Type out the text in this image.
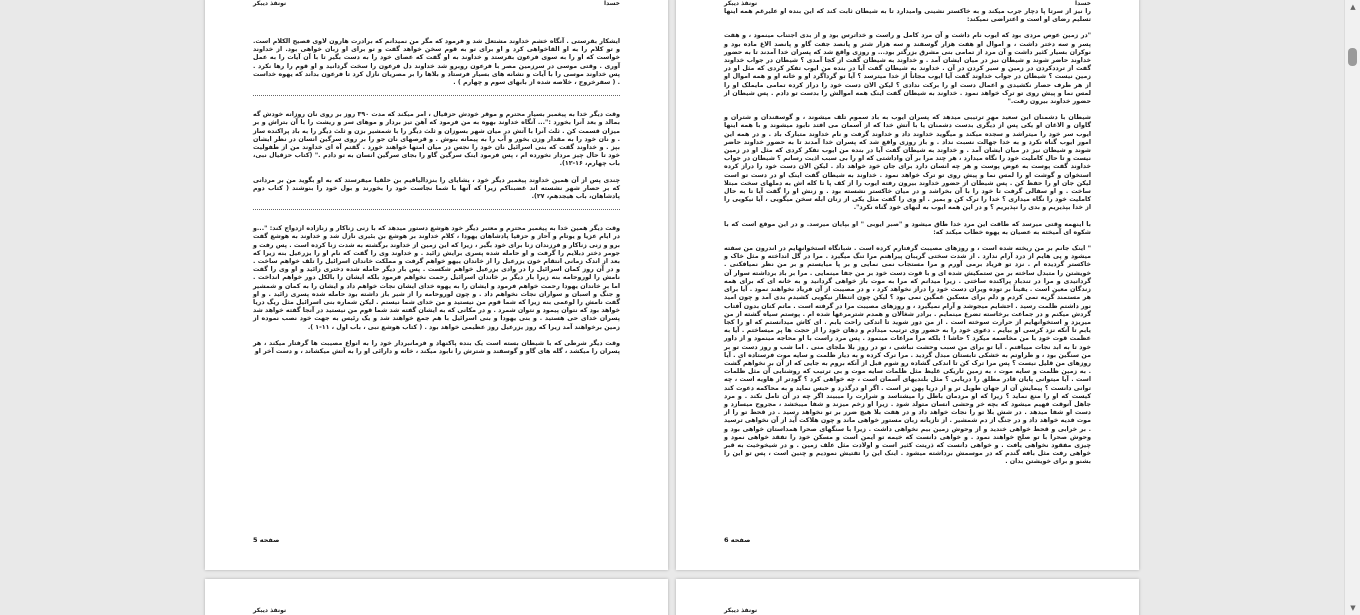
خسدا
نونفذ دیبکر

ایشکار بقرستی . آنگاه خشم خداوند مشتعل شد و فرمود که مگر من نمیدانم که برادرت هارون لاوی فصیح الکلام است. و تو کلام را به او القاخواهی کرد و او برای تو به قوم سخن خواهد گفت و تو برای او زبان خواهی بود. از خداوند خواست که او را به سوی فرعون بفرستد و خداوند به او گفت که عصای خود را به دست بگیر تا با آن آیات را به عمل آوری . وقتی موسی در سرزمین مصر با فرعون روبرو شد خداوند دل فرعون را سخت گردانید و او قوم را رها نکرد . پس خداوند موسی را با آیات و نشانه های بسیار فرستاد و بلاها را بر مصریان نازل کرد تا فرعون بداند که یهوه خداست . ( سفرخروج ، خلاصه شده از بابهای سوم و چهارم ) .

وقت دیگر خدا به پیغمبر بسیار محترم و موقر خودش حزقیال ، امر میکند که مدت ۳۹۰ روز بر روی نان روزانه خودش گه بمالد و بعد آنرا بخورد :"... آنگاه خداوند بهوه به من فرمود که آهن تیز بردار و موهای سر و ریشت را با آن بتراش و بر میزان قسمت کن . ثلث آنرا با آتش در میان شهر بسوزان و ثلث دیگر را با شمشیر بزن و ثلث دیگر را به باد پراکنده ساز . و نان خود را به مقدار وزن بخور و آب را به پیمانه بنوش . و قرصهای نان جو را بر روی سرگین انسان در نظر ایشان بپز . و خداوند گفت که بنی اسرائیل نان خود را نجس در میان امتها خواهند خورد . گفتم آه ای خداوند من از طفولیت خود تا حال چیز مردار نخورده ام ، پس فرمود اینک سرگین گاو را بجای سرگین انسان به تو دادم ." (کتاب حزقیال نبی، باب چهارم، ۱۶-۱۲).

چندی پس از آن همین خداوند پیغمبر دیگر خود ، یشایای را بنزدالیاقیم بن حلقیا میفرستد که به او بگوید من بر مردانی که بر حصار شهر نشسته اند غضبناکم زیرا که آنها با شما نجاست خود را بخورند و بول خود را بنوشند ( کتاب دوم پادشاهان، باب هیجدهم، ۲۷).

وقت دیگر همین خدا به پیغمبر محترم و معتبر دیگر خود هوشع دستور میدهد که با زنی زناکار و زنازاده ازدواج کند: "...و در ایام عزیا و یوتام و آحاز و حزقیا پادشاهان یهودا ، کلام خداوند بر هوشع بن بئیری نازل شد و خداوند به هوشع گفت برو و زنی زناکار و فرزندان زنا برای خود بگیر ، زیرا که این زمین از خداوند برگشته به شدت زنا کرده است . پس رفت و جومر دختر دبلایم را گرفت و او حامله شده پسری برایش زائید . و خداوند وی را گفت که نام او را یزرعیل بنه زیرا که بعد از اندک زمانی انتقام خون یزرعیل را از خاندان ییهو خواهم گرفت و مملکت خاندان اسرائیل را تلف خواهم ساخت . و در آن روز کمان اسرائیل را در وادی یزرعیل خواهم شکست . پس بار دیگر حامله شده دختری زائید و او وی را گفت نامش را لوروحامه بنه زیرا بار دیگر بر خاندان اسرائیل رحمت نخواهم فرمود بلکه ایشان را بالکل دور خواهم انداخت . اما بر خاندان یهودا رحمت خواهم فرمود و ایشان را به یهوه خدای ایشان نجات خواهم داد و ایشان را به کمان و شمشیر و جنگ و اسبان و سواران نجات نخواهم داد . و چون لوروحامه را از شیر باز داشته بود حامله شده پسری زائید . و او گفت نامش را لوعمی بنه زیرا که شما قوم من نیستید و من خدای شما نیستم . لیکن شماره بنی اسرائیل مثل ریگ دریا خواهد بود که نتوان پیمود و نتوان شمرد . و در مکانی که به ایشان گفته شد شما قوم من نیستید در آنجا گفته خواهد شد پسران خدای حی هستید . و بنی یهودا و بنی اسرائیل با هم جمع خواهند شد و یک رئیس به جهت خود نصب نموده از زمین برخواهند آمد زیرا که روز یزرعیل روز عظیمی خواهد بود . ( کتاب هوشع نبی ، باب اول ، ۱۱-۱ ).

وقت دیگر شرطی که با شیطان بسته است یک بنده پاکنهاد و فرمانبردار خود را به انواع مصیبت ها گرفتار میکند ، هر پسران را میکشد ، گله های گاو و گوسفند و شترش را نابود میکند ، خانه و دارائی او را به آتش میکشاند ، و دست آخر او

صفحه 5
خسدا
نونفذ دیبکر

را نیز از سرتا پا دچار جرب میکند و به خاکستر نشینی وامیدارد تا به شیطان ثابت کند که این بنده او علیرغم همه اینها تسلیم رضای او است و اعتراضی نمیکند:

"در زمین عوص مردی بود که ایوب نام داشت و آن مرد کامل و راست و خداترس بود و از بدی اجتناب مینمود ، و هفت پسر و سه دختر داشت ، و اموال او هفت هزار گوسفند و سه هزار شتر و پانصد جفت گاو و پانصد الاغ ماده بود و نوکران بسیار کثیر داشت و آن مرد از تمامی بنی مشرق بزرگتر بود... و روزی واقع شد که پسران خدا آمدند تا به حضور خداوند حاضر شوند و شیطان نیز در میان ایشان آمد . و خداوند به شیطان گفت از کجا آمدی ؟ شیطان در جواب خداوند گفت از ترددکردن در زمین و سیر کردن در آن . خداوند به شیطان گفت آیا در بنده من ایوب تفکر کردی که مثل او در زمین نیست ؟ شیطان در جواب خداوند گفت آیا ایوب مجاناً از خدا میترسد ؟ آیا تو گرداگرد او و خانه او و همه اموال او از هر طرف حصار نکشیدی و اعمال دست او را برکت ندادی ؟ لیکن الان دست خود را دراز کرده تمامی مایملک او را لمس نما و پیش روی تو ترک خواهد نمود . خداوند به شیطان گفت اینک همه اموالش را بدست تو دادم . پس شیطان از حضور خداوند بیرون رفت."

شیطان با دشمنان این سعید مهر ترتیبی میدهد که پسران ایوب به باد سموم تلف میشوند ، و گوسفندان و شتران و گاوان و الاغان او یکی پس از دیگری بدست دشمنان یا با آتش خدا که از آسمان می افتد نابود میشوند و با همه اینها ایوب سر خود را میتراشد و سجده میکند و میگوید خداوند داد و خداوند گرفت و نام خداوند متبارک باد . و در همه این امور ایوب گناه نکرد و به خدا جهالت نسبت نداد . و باز روزی واقع شد که پسران خدا آمدند تا به حضور خداوند حاضر شوند و شیطان نیز در میان ایشان آمد . و خداوند به شیطان گفت آیا در بنده من ایوب تفکر کردی که مثل او در زمین نیست و تا حال کاملیت خود را نگاه میدارد ، هر چند مرا بر آن واداشتی که او را بی سبب اذیت رسانم ؟ شیطان در جواب خداوند گفت پوست به عوض پوست و هر چه انسان دارد برای جان خود خواهد داد . لیکن الان دست خود را دراز کرده استخوان و گوشت او را لمس نما و پیش روی تو ترک خواهد نمود . خداوند به شیطان گفت اینک او در دست تو است لیکن جان او را حفظ کن . پس شیطان از حضور خداوند بیرون رفته ایوب را از کف پا تا کله اش به دملهای سخت مبتلا ساخت . و او سفالی گرفت تا خود را با آن بخراشد و در میان خاکستر نشسته بود . و زنش او را گفت آیا تا به حال کاملیت خود را نگاه میداری ؟ خدا را ترک کن و بمیر . او وی را گفت مثل یکی از زنان ابله سخن میگویی ، آیا نیکویی را از خدا بپذیریم و بدی را نپذیریم ؟ و در این همه ایوب به لبهای خود گناه نکرد".

با اینهمه وقتی میرسد که طاقت این مرد خدا طاق میشود و "صبر ایوبی " او بپایان میرسد. و در این موقع است که با شکوه ای آمیخته به عصیان به یهوه خطاب میکند که:

" اینک جانم بر من ریخته شده است ، و روزهای مصیبت گرفتارم کرده است . شبانگاه استخوانهایم در اندرون من سفته میشود و پی هایم از درد آرام ندارد . از شدت سختی گریبان پیراهنم مرا تنگ میگیرد . مرا در گل انداخته و مثل خاک و خاکستر گردیده ام . نزد تو فریاد برمی آورم و مرا مستجاب نمی نمایی و بر پا میایستم و بر من نظر نمیافکنی . خویشتن را متبدل ساخته بر من ستمکیش شده ای و با قوت دست خود بر من جفا مینمایی . مرا بر باد برداشته سوار آن گردانیدی و مرا در تندباد پراکنده ساختی . زیرا میدانم که مرا به موت باز خواهی گردانید و به خانه ای که برای همه زندگان معین است . یقیناً بر توده ویران دست خود را دراز نخواهد کرد ، و در مصیبت از آن فریاد نخواهند نمود . آیا برای هر مستمند گریه نمی کردم و دلم برای مسکین غمگین نمی بود ؟ لیکن چون انتظار نیکویی کشیدم بدی آمد و چون امید نور داشتم ظلمت رسید . احشایم میجوشد و آرام نمیگیرد ، و روزهای مصیبت مرا در گرفته است . ماتم کنان بدون آفتاب گردش میکنم و در جماعت برخاسته تضرع مینمایم . برادر شغالان و همدم شترمرغها شده ام . پوستم سیاه گشته از من میریزد و استخوانهایم از حرارت سوخته است . از من دور شوید تا اندکی راحت یابم . ای کاش میدانستم که او را کجا یابم تا آنکه نزد کرسی او بیایم . دعوی خود را به حضور وی ترتیب میدادم و دهان خود را از حجت ها پر میساختم . آیا به عظمت قوت خود با من مخاصمه میکرد ؟ حاشا ! بلکه مرا مراعات مینمود . پس مرد راست با او محاجه مینمود و از داور خود تا به ابد نجات مییافتم . آیا تو برای من سبب وحشت نباشی ، تو در روز بلا ملجای منی . اما شب و روز دست تو بر من سنگین بود ، و طراوتم به خشکی تابستان مبدل گردید . مرا ترک کرده و به دیار ظلمت و سایه موت فرستاده ای . آیا روزهای من قلیل نیست ؟ پس مرا ترک کن تا اندکی گشاده رو شوم قبل از آنکه بروم به جایی که از آن بر نخواهم گشت . به زمین ظلمت و سایه موت ، به زمین تاریکی غلیظ مثل ظلمات سایه موت و بی ترتیب که روشنایی آن مثل ظلمات است . آیا میتوانی پایان قادر مطلق را دریابی ؟ مثل بلندیهای آسمان است ، چه خواهی کرد ؟ گودتر از هاویه است ، چه توانی دانست ؟ پیمایش آن از جهان طویل تر و از دریا پهن تر است . اگر او درگذرد و حبس نماید و به محاکمه دعوت کند کیست که او را منع نماید ؟ زیرا که او مردمان باطل را میشناسد و شرارت را میبیند اگر چه در آن تامل نکند . و مرد جاهل آنوقت فهیم میشود که بچه خر وحشی انسان متولد شود . زیرا او زخم میزند و شفا میبخشد ، مجروح میسازد و دست او شفا میدهد . در شش بلا تو را نجات خواهد داد و در هفت بلا هیچ ضرر بر تو نخواهد رسید . در قحط تو را از موت فدیه خواهد داد و در جنگ از دم شمشیر . از تازیانه زبان مستور خواهی ماند و چون هلاکت آید از آن نخواهی ترسید . بر خرابی و قحط خواهی خندید و از وحوش زمین بیم نخواهی داشت . زیرا با سنگهای صحرا همداستان خواهی بود و وحوش صحرا با تو صلح خواهند نمود . و خواهی دانست که خیمه تو ایمن است و مسکن خود را تفقد خواهی نمود و چیزی مفقود نخواهی یافت . و خواهی دانست که ذریتت کثیر است و اولادت مثل علف زمین . و در شیخوخیت به قبر خواهی رفت مثل بافه گندم که در موسمش برداشته میشود . اینک این را تفتیش نمودیم و چنین است ، پس تو این را بشنو و برای خویشتن بدان .

صفحه 6
نونفذ دیبکر	نونفذ دیبکر
▲
▼
